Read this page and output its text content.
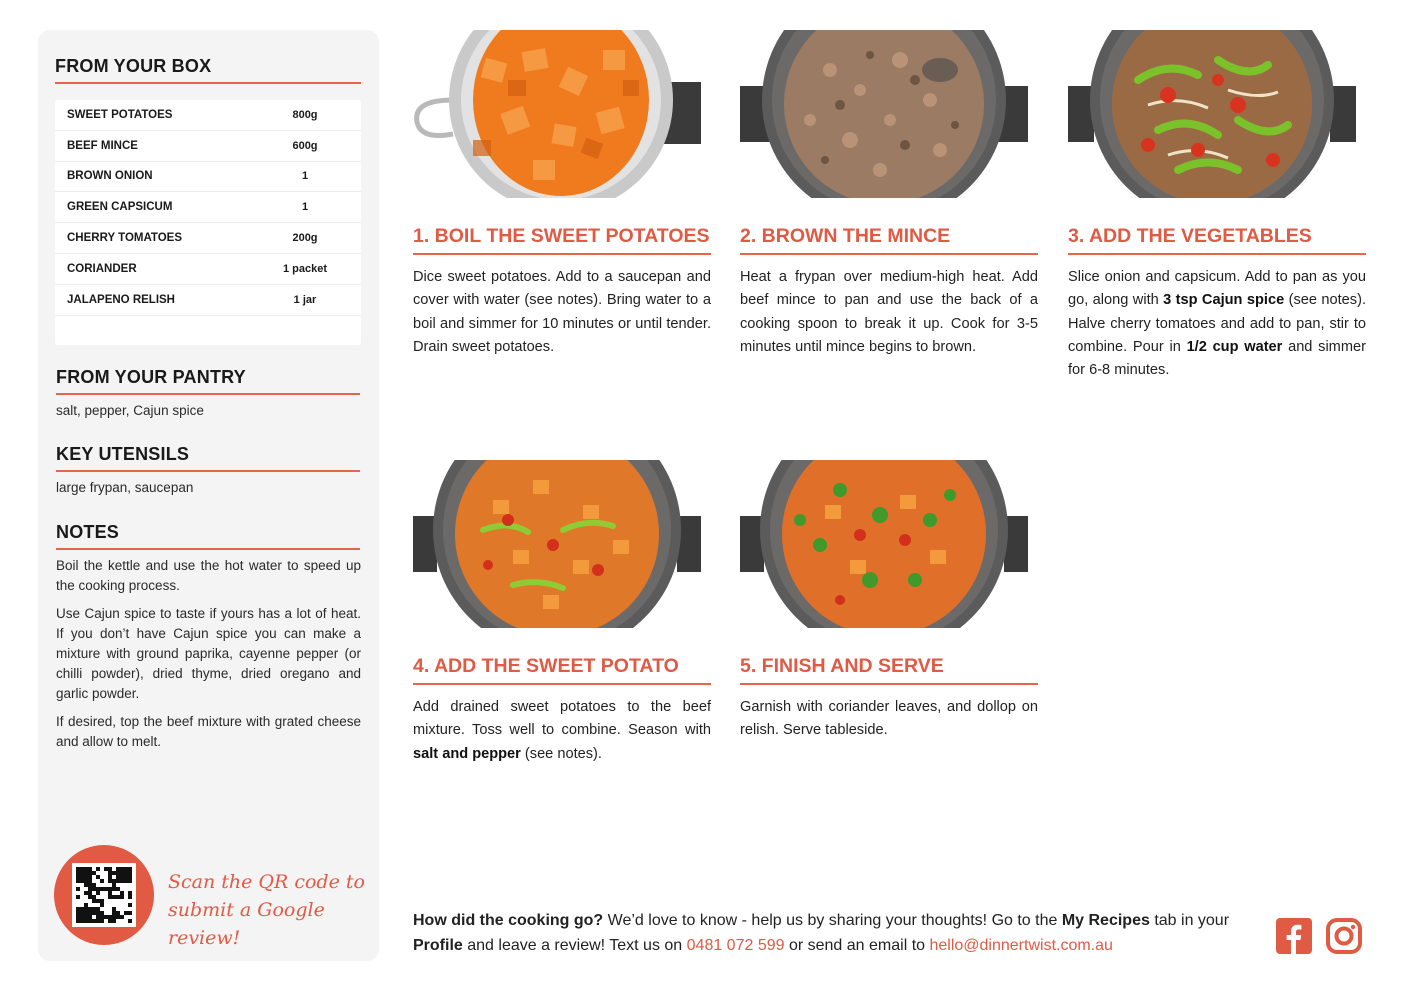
FROM YOUR BOX
SWEET POTATOES	800g
BEEF MINCE	600g
BROWN ONION	1
GREEN CAPSICUM	1
CHERRY TOMATOES	200g
CORIANDER	1 packet
JALAPENO RELISH	1 jar
FROM YOUR PANTRY
salt, pepper, Cajun spice
KEY UTENSILS
large frypan, saucepan
NOTES

Boil the kettle and use the hot water to speed up the cooking process.

Use Cajun spice to taste if yours has a lot of heat. If you don’t have Cajun spice you can make a mixture with ground paprika, cayenne pepper (or chilli powder), dried thyme, dried oregano and garlic powder.

If desired, top the beef mixture with grated cheese and allow to melt.

Scan the QR code to
submit a Google review!
1. BOIL THE SWEET POTATOES
Dice sweet potatoes. Add to a saucepan and cover with water (see notes). Bring water to a boil and simmer for 10 minutes or until tender. Drain sweet potatoes.
2. BROWN THE MINCE
Heat a frypan over medium-high heat. Add beef mince to pan and use the back of a cooking spoon to break it up. Cook for 3-5 minutes until mince begins to brown.
3. ADD THE VEGETABLES
Slice onion and capsicum. Add to pan as you go, along with 3 tsp Cajun spice (see notes). Halve cherry tomatoes and add to pan, stir to combine. Pour in 1/2 cup water and simmer for 6-8 minutes.
4. ADD THE SWEET POTATO
Add drained sweet potatoes to the beef mixture. Toss well to combine. Season with salt and pepper (see notes).
5. FINISH AND SERVE
Garnish with coriander leaves, and dollop on relish. Serve tableside.
How did the cooking go? We’d love to know - help us by sharing your thoughts! Go to the My Recipes tab in your Profile and leave a review! Text us on 0481 072 599 or send an email to hello@dinnertwist.com.au
